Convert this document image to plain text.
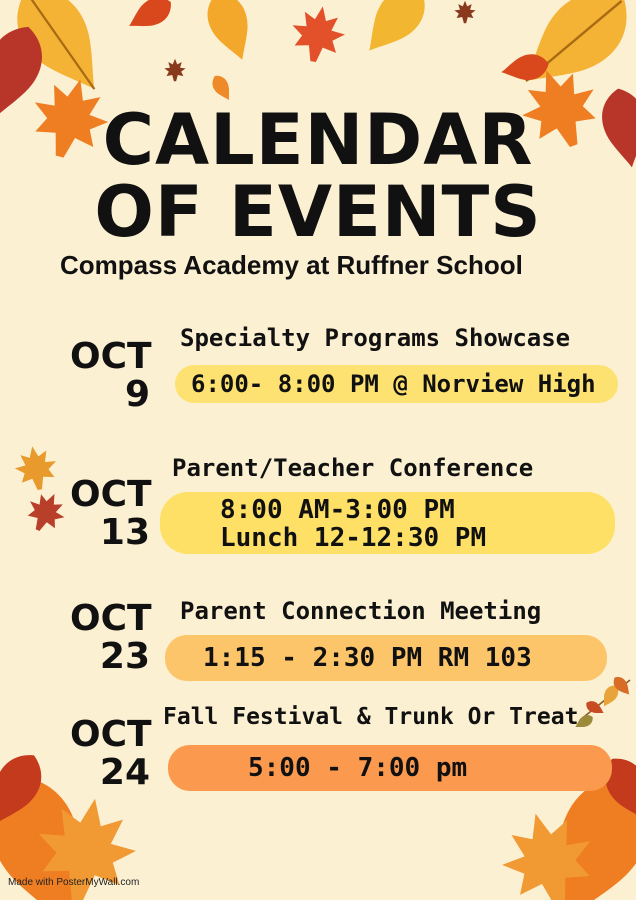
CALENDAR
OF EVENTS
Compass Academy at Ruffner School
OCT
9
Specialty Programs Showcase
6:00- 8:00 PM @ Norview High
OCT
13
Parent/Teacher Conference
8:00 AM-3:00 PM
Lunch 12-12:30 PM
OCT
23
Parent Connection Meeting
1:15 - 2:30 PM RM 103
OCT
24
Fall Festival & Trunk Or Treat
5:00 - 7:00 pm
Made with PosterMyWall.com
